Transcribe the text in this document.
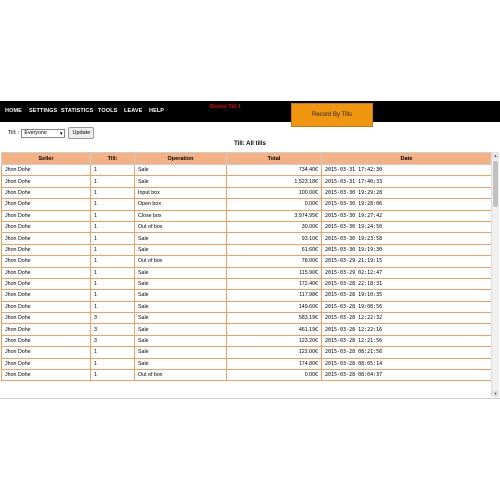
HOME SETTINGS STATISTICS TOOLS LEAVE HELP
Demo| Till 1
Record By Tills
Till: : Everyone	▼	Update
Till: All tills
Seller	Till:	Operation	Total	Date
Jhon Dohe	1	Sale	734.40€	2015-03-31 17:42:30
Jhon Dohe	1	Sale	1,523.18€	2015-03-31 17:40:33
Jhon Dohe	1	Input box	100.00€	2015-03-30 19:29:28
Jhon Dohe	1	Open box	0.00€	2015-03-30 19:28:06
Jhon Dohe	1	Close box	3,974.95€	2015-03-30 19:27:42
Jhon Dohe	1	Out of box	30.00€	2015-03-30 19:24:50
Jhon Dohe	1	Sale	93.10€	2015-03-30 19:23:58
Jhon Dohe	1	Sale	61.60€	2015-03-30 19:19:30
Jhon Dohe	1	Out of box	78.00€	2015-03-29 21:19:15
Jhon Dohe	1	Sale	115.90€	2015-03-29 02:12:47
Jhon Dohe	1	Sale	172.40€	2015-03-28 22:18:31
Jhon Dohe	1	Sale	117.98€	2015-03-28 19:10:35
Jhon Dohe	1	Sale	149.60€	2015-03-28 19:08:56
Jhon Dohe	3	Sale	583.19€	2015-03-28 12:22:32
Jhon Dohe	3	Sale	461.19€	2015-03-28 12:22:16
Jhon Dohe	3	Sale	123.20€	2015-03-28 12:21:56
Jhon Dohe	1	Sale	122.00€	2015-03-28 08:21:56
Jhon Dohe	1	Sale	174.80€	2015-03-28 08:05:14
Jhon Dohe	1	Out of box	0.00€	2015-03-28 08:04:37
▲
▼
